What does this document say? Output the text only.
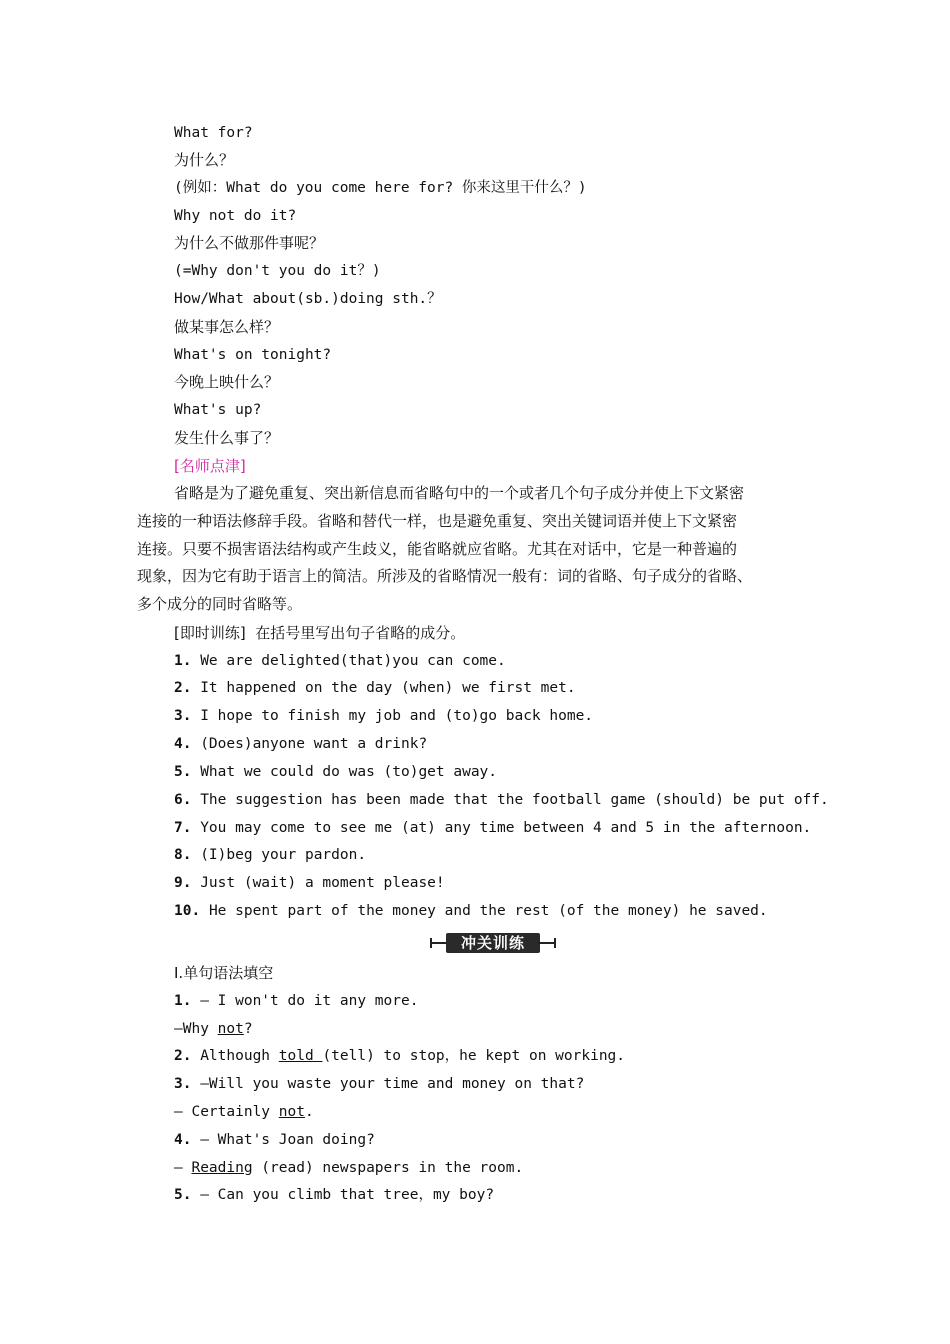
What for?
为什么？
(例如：What do you come here for? 你来这里干什么？)
Why not do it?
为什么不做那件事呢？
(=Why don't you do it？)
How/What about(sb.)doing sth.？
做某事怎么样？
What's on tonight?
今晚上映什么？
What's up?
发生什么事了？
[名师点津]
省略是为了避免重复、突出新信息而省略句中的一个或者几个句子成分并使上下文紧密
连接的一种语法修辞手段。省略和替代一样，也是避免重复、突出关键词语并使上下文紧密
连接。只要不损害语法结构或产生歧义，能省略就应省略。尤其在对话中，它是一种普遍的
现象，因为它有助于语言上的简洁。所涉及的省略情况一般有：词的省略、句子成分的省略、
多个成分的同时省略等。
[即时训练]  在括号里写出句子省略的成分。
1. We are delighted(that)you can come.
2. It happened on the day (when) we first met.
3. I hope to finish my job and (to)go back home.
4. (Does)anyone want a drink?
5. What we could do was (to)get away.
6. The suggestion has been made that the football game (should) be put off.
7. You may come to see me (at) any time between 4 and 5 in the afternoon.
8. (I)beg your pardon.
9. Just (wait) a moment please!
10. He spent part of the money and the rest (of the money) he saved.
冲关训练
Ⅰ.单句语法填空
1. — I won't do it any more.
—Why not?
2. Although told (tell) to stop，he kept on working.
3. —Will you waste your time and money on that?
— Certainly not.
4. — What's Joan doing?
— Reading (read) newspapers in the room.
5. — Can you climb that tree，my boy?
